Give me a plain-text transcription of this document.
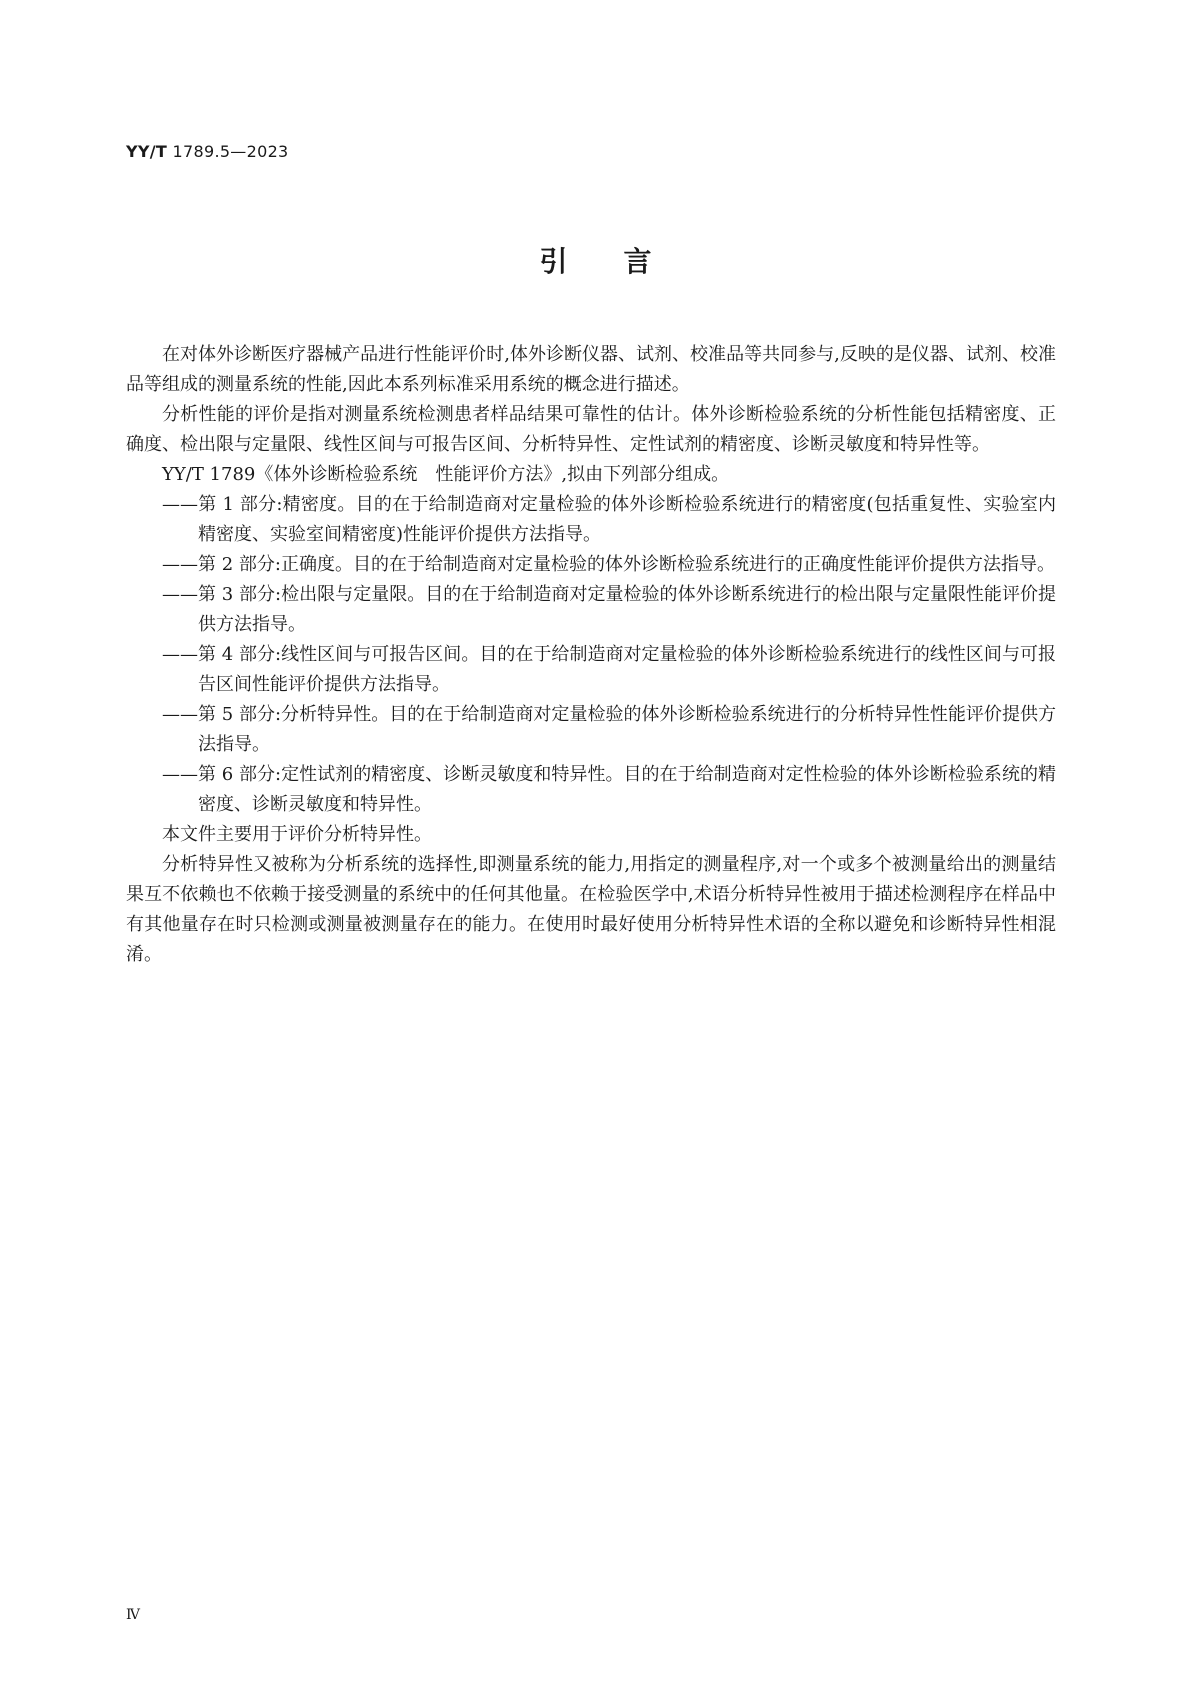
YY/T 1789.5—2023
引言

在对体外诊断医疗器械产品进行性能评价时,体外诊断仪器、试剂、校准品等共同参与,反映的是仪器、试剂、校准品等组成的测量系统的性能,因此本系列标准采用系统的概念进行描述。

分析性能的评价是指对测量系统检测患者样品结果可靠性的估计。体外诊断检验系统的分析性能包括精密度、正确度、检出限与定量限、线性区间与可报告区间、分析特异性、定性试剂的精密度、诊断灵敏度和特异性等。

YY/T 1789《体外诊断检验系统　性能评价方法》,拟由下列部分组成。

——第 1 部分:精密度。目的在于给制造商对定量检验的体外诊断检验系统进行的精密度(包括重复性、实验室内精密度、实验室间精密度)性能评价提供方法指导。

——第 2 部分:正确度。目的在于给制造商对定量检验的体外诊断检验系统进行的正确度性能评价提供方法指导。

——第 3 部分:检出限与定量限。目的在于给制造商对定量检验的体外诊断系统进行的检出限与定量限性能评价提供方法指导。

——第 4 部分:线性区间与可报告区间。目的在于给制造商对定量检验的体外诊断检验系统进行的线性区间与可报告区间性能评价提供方法指导。

——第 5 部分:分析特异性。目的在于给制造商对定量检验的体外诊断检验系统进行的分析特异性性能评价提供方法指导。

——第 6 部分:定性试剂的精密度、诊断灵敏度和特异性。目的在于给制造商对定性检验的体外诊断检验系统的精密度、诊断灵敏度和特异性。

本文件主要用于评价分析特异性。

分析特异性又被称为分析系统的选择性,即测量系统的能力,用指定的测量程序,对一个或多个被测量给出的测量结果互不依赖也不依赖于接受测量的系统中的任何其他量。在检验医学中,术语分析特异性被用于描述检测程序在样品中有其他量存在时只检测或测量被测量存在的能力。在使用时最好使用分析特异性术语的全称以避免和诊断特异性相混淆。

Ⅳ
